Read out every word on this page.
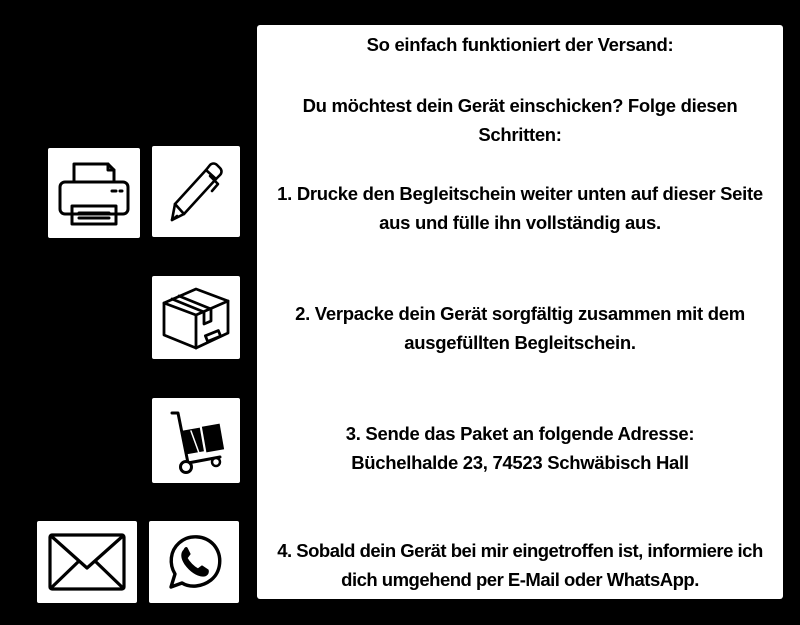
So einfach funktioniert der Versand:

Du möchtest dein Gerät einschicken? Folge diesen
Schritten:

1. Drucke den Begleitschein weiter unten auf dieser Seite
aus und fülle ihn vollständig aus.

2. Verpacke dein Gerät sorgfältig zusammen mit dem
ausgefüllten Begleitschein.

3. Sende das Paket an folgende Adresse:
Büchelhalde 23, 74523 Schwäbisch Hall

4. Sobald dein Gerät bei mir eingetroffen ist, informiere ich
dich umgehend per E-Mail oder WhatsApp.
